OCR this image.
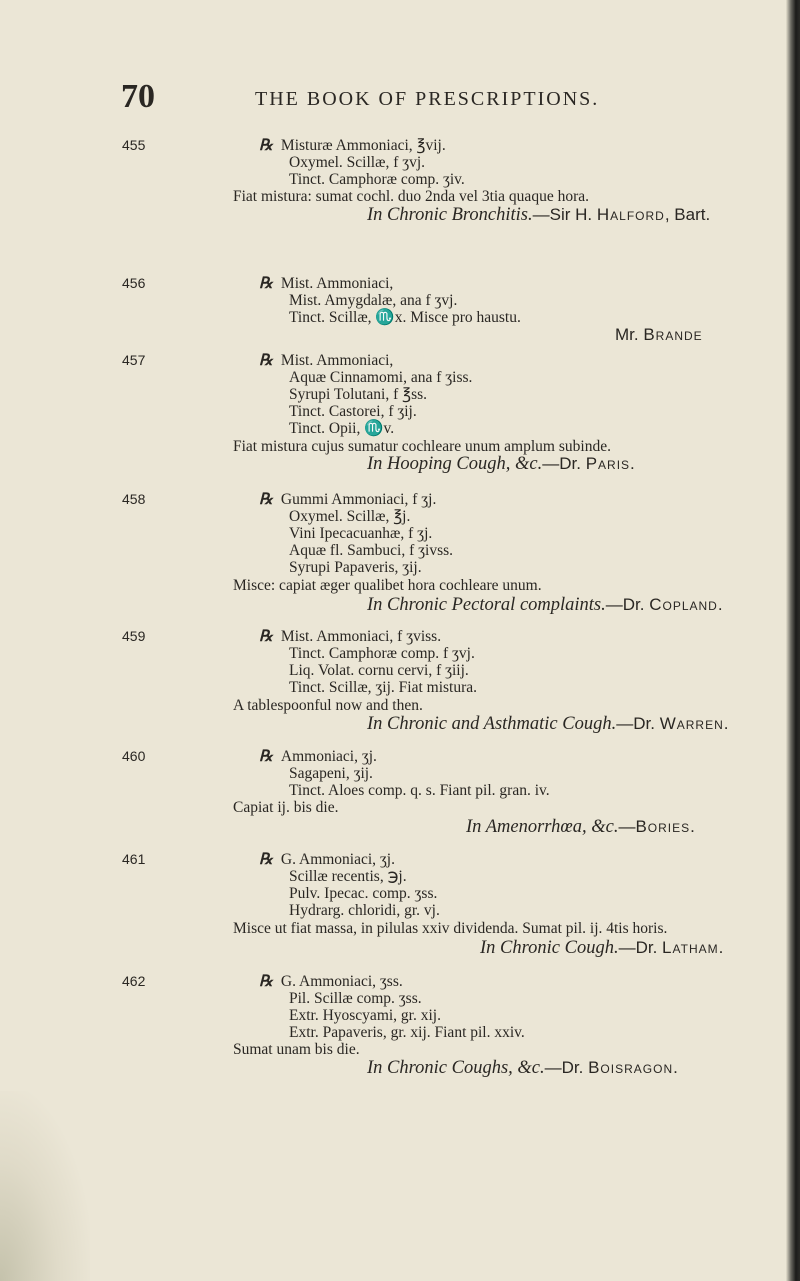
70	THE BOOK OF PRESCRIPTIONS.
455	℞ Misturæ Ammoniaci, ℥vij.
Oxymel. Scillæ, f ʒvj.
Tinct. Camphoræ comp. ʒiv.
Fiat mistura: sumat cochl. duo 2nda vel 3tia quaque hora.
In Chronic Bronchitis.—Sir H. Halford, Bart.
456	℞ Mist. Ammoniaci,
Mist. Amygdalæ, ana f ʒvj.
Tinct. Scillæ, ♏x. Misce pro haustu.
Mr. Brande
457	℞ Mist. Ammoniaci,
Aquæ Cinnamomi, ana f ʒiss.
Syrupi Tolutani, f ℥ss.
Tinct. Castorei, f ʒij.
Tinct. Opii, ♏v.
Fiat mistura cujus sumatur cochleare unum amplum subinde.
In Hooping Cough, &c.—Dr. Paris.
458	℞ Gummi Ammoniaci, f ʒj.
Oxymel. Scillæ, ℥j.
Vini Ipecacuanhæ, f ʒj.
Aquæ fl. Sambuci, f ʒivss.
Syrupi Papaveris, ʒij.
Misce: capiat æger qualibet hora cochleare unum.
In Chronic Pectoral complaints.—Dr. Copland.
459	℞ Mist. Ammoniaci, f ʒviss.
Tinct. Camphoræ comp. f ʒvj.
Liq. Volat. cornu cervi, f ʒiij.
Tinct. Scillæ, ʒij. Fiat mistura.
A tablespoonful now and then.
In Chronic and Asthmatic Cough.—Dr. Warren.
460	℞ Ammoniaci, ʒj.
Sagapeni, ʒij.
Tinct. Aloes comp. q. s. Fiant pil. gran. iv.
Capiat ij. bis die.
In Amenorrhœa, &c.—Bories.
461	℞ G. Ammoniaci, ʒj.
Scillæ recentis, ℈j.
Pulv. Ipecac. comp. ʒss.
Hydrarg. chloridi, gr. vj.
Misce ut fiat massa, in pilulas xxiv dividenda. Sumat pil. ij. 4tis horis.
In Chronic Cough.—Dr. Latham.
462	℞ G. Ammoniaci, ʒss.
Pil. Scillæ comp. ʒss.
Extr. Hyoscyami, gr. xij.
Extr. Papaveris, gr. xij. Fiant pil. xxiv.
Sumat unam bis die.
In Chronic Coughs, &c.—Dr. Boisragon.
